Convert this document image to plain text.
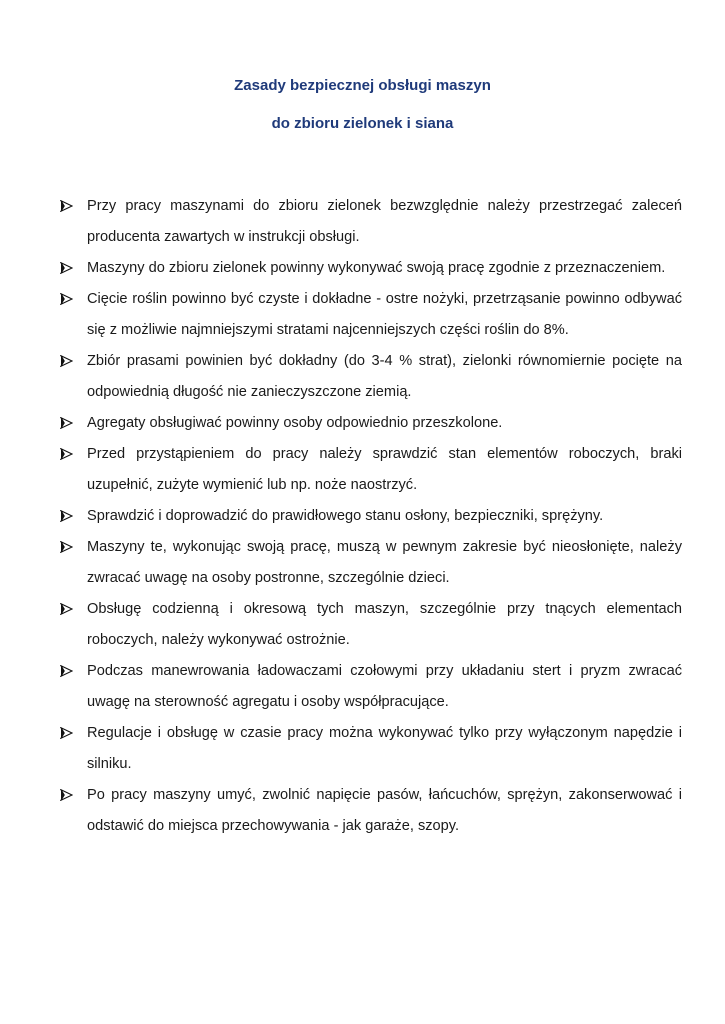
Zasady bezpiecznej obsługi maszyn
do zbioru zielonek i siana
Przy pracy maszynami do zbioru zielonek bezwzględnie należy przestrzegać zaleceń producenta zawartych w instrukcji obsługi.
Maszyny do zbioru zielonek powinny wykonywać swoją pracę zgodnie z przeznaczeniem.
Cięcie roślin powinno być czyste i dokładne - ostre nożyki, przetrząsanie powinno odbywać się z możliwie najmniejszymi stratami najcenniejszych części roślin do 8%.
Zbiór prasami powinien być dokładny (do 3-4 % strat), zielonki równomiernie pocięte na odpowiednią długość nie zanieczyszczone ziemią.
Agregaty obsługiwać powinny osoby odpowiednio przeszkolone.
Przed przystąpieniem do pracy należy sprawdzić stan elementów roboczych, braki uzupełnić, zużyte wymienić lub np. noże naostrzyć.
Sprawdzić i doprowadzić do prawidłowego stanu osłony, bezpieczniki, sprężyny.
Maszyny te, wykonując swoją pracę, muszą w pewnym zakresie być nieosłonięte, należy zwracać uwagę na osoby postronne, szczególnie dzieci.
Obsługę codzienną i okresową tych maszyn, szczególnie przy tnących elementach roboczych, należy wykonywać ostrożnie.
Podczas manewrowania ładowaczami czołowymi przy układaniu stert i pryzm zwracać uwagę na sterowność agregatu i osoby współpracujące.
Regulacje i obsługę w czasie pracy można wykonywać tylko przy wyłączonym napędzie i silniku.
Po pracy maszyny umyć, zwolnić napięcie pasów, łańcuchów, sprężyn, zakonserwować i odstawić do miejsca przechowywania - jak garaże, szopy.
